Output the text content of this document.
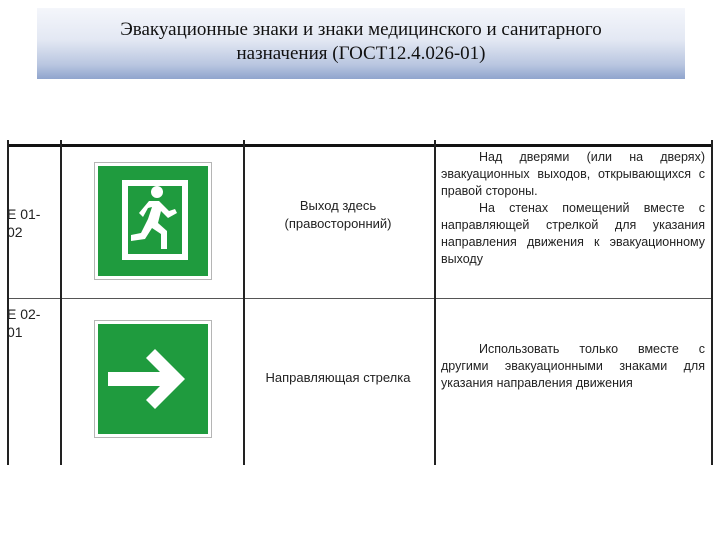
Эвакуационные знаки и знаки медицинского и санитарного
назначения (ГОСТ12.4.026-01)
Е 01-
02
Выход здесь
(правосторонний)

Над дверями (или на дверях) эвакуационных выходов, открывающихся с правой стороны.

На стенах помещений вместе с направляющей стрелкой для указания направления движения к эвакуационному выходу

Е 02-
01
Направляющая стрелка

Использовать только вместе с другими эвакуационными знаками для указания направления движения
